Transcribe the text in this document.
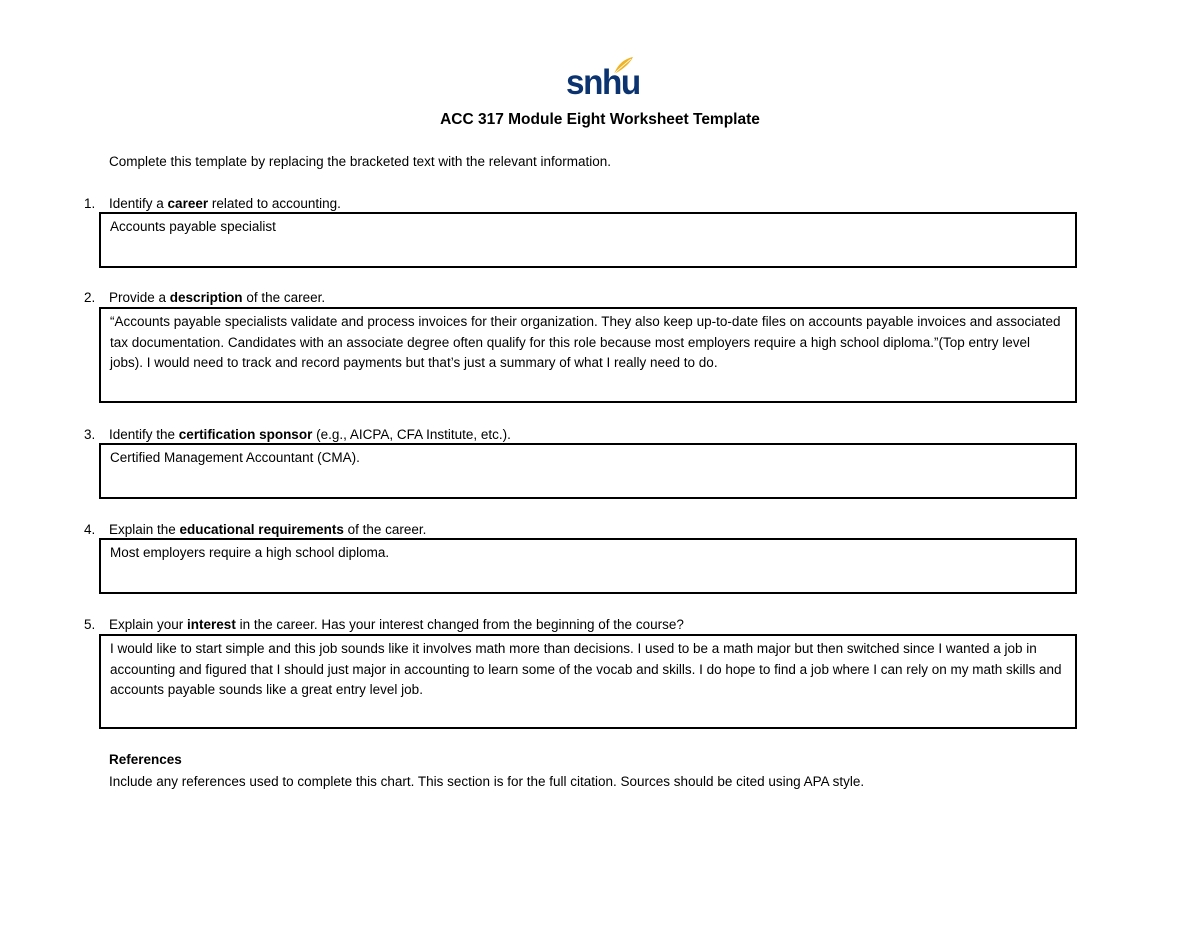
snhu
ACC 317 Module Eight Worksheet Template
Complete this template by replacing the bracketed text with the relevant information.
1. Identify a career related to accounting.
Accounts payable specialist
2. Provide a description of the career.
“Accounts payable specialists validate and process invoices for their organization. They also keep up-to-date files on accounts payable invoices and associated tax documentation. Candidates with an associate degree often qualify for this role because most employers require a high school diploma.”(Top entry level jobs). I would need to track and record payments but that’s just a summary of what I really need to do.
3. Identify the certification sponsor (e.g., AICPA, CFA Institute, etc.).
Certified Management Accountant (CMA).
4. Explain the educational requirements of the career.
Most employers require a high school diploma.
5. Explain your interest in the career. Has your interest changed from the beginning of the course?
I would like to start simple and this job sounds like it involves math more than decisions. I used to be a math major but then switched since I wanted a job in accounting and figured that I should just major in accounting to learn some of the vocab and skills. I do hope to find a job where I can rely on my math skills and accounts payable sounds like a great entry level job.
References
Include any references used to complete this chart. This section is for the full citation. Sources should be cited using APA style.
